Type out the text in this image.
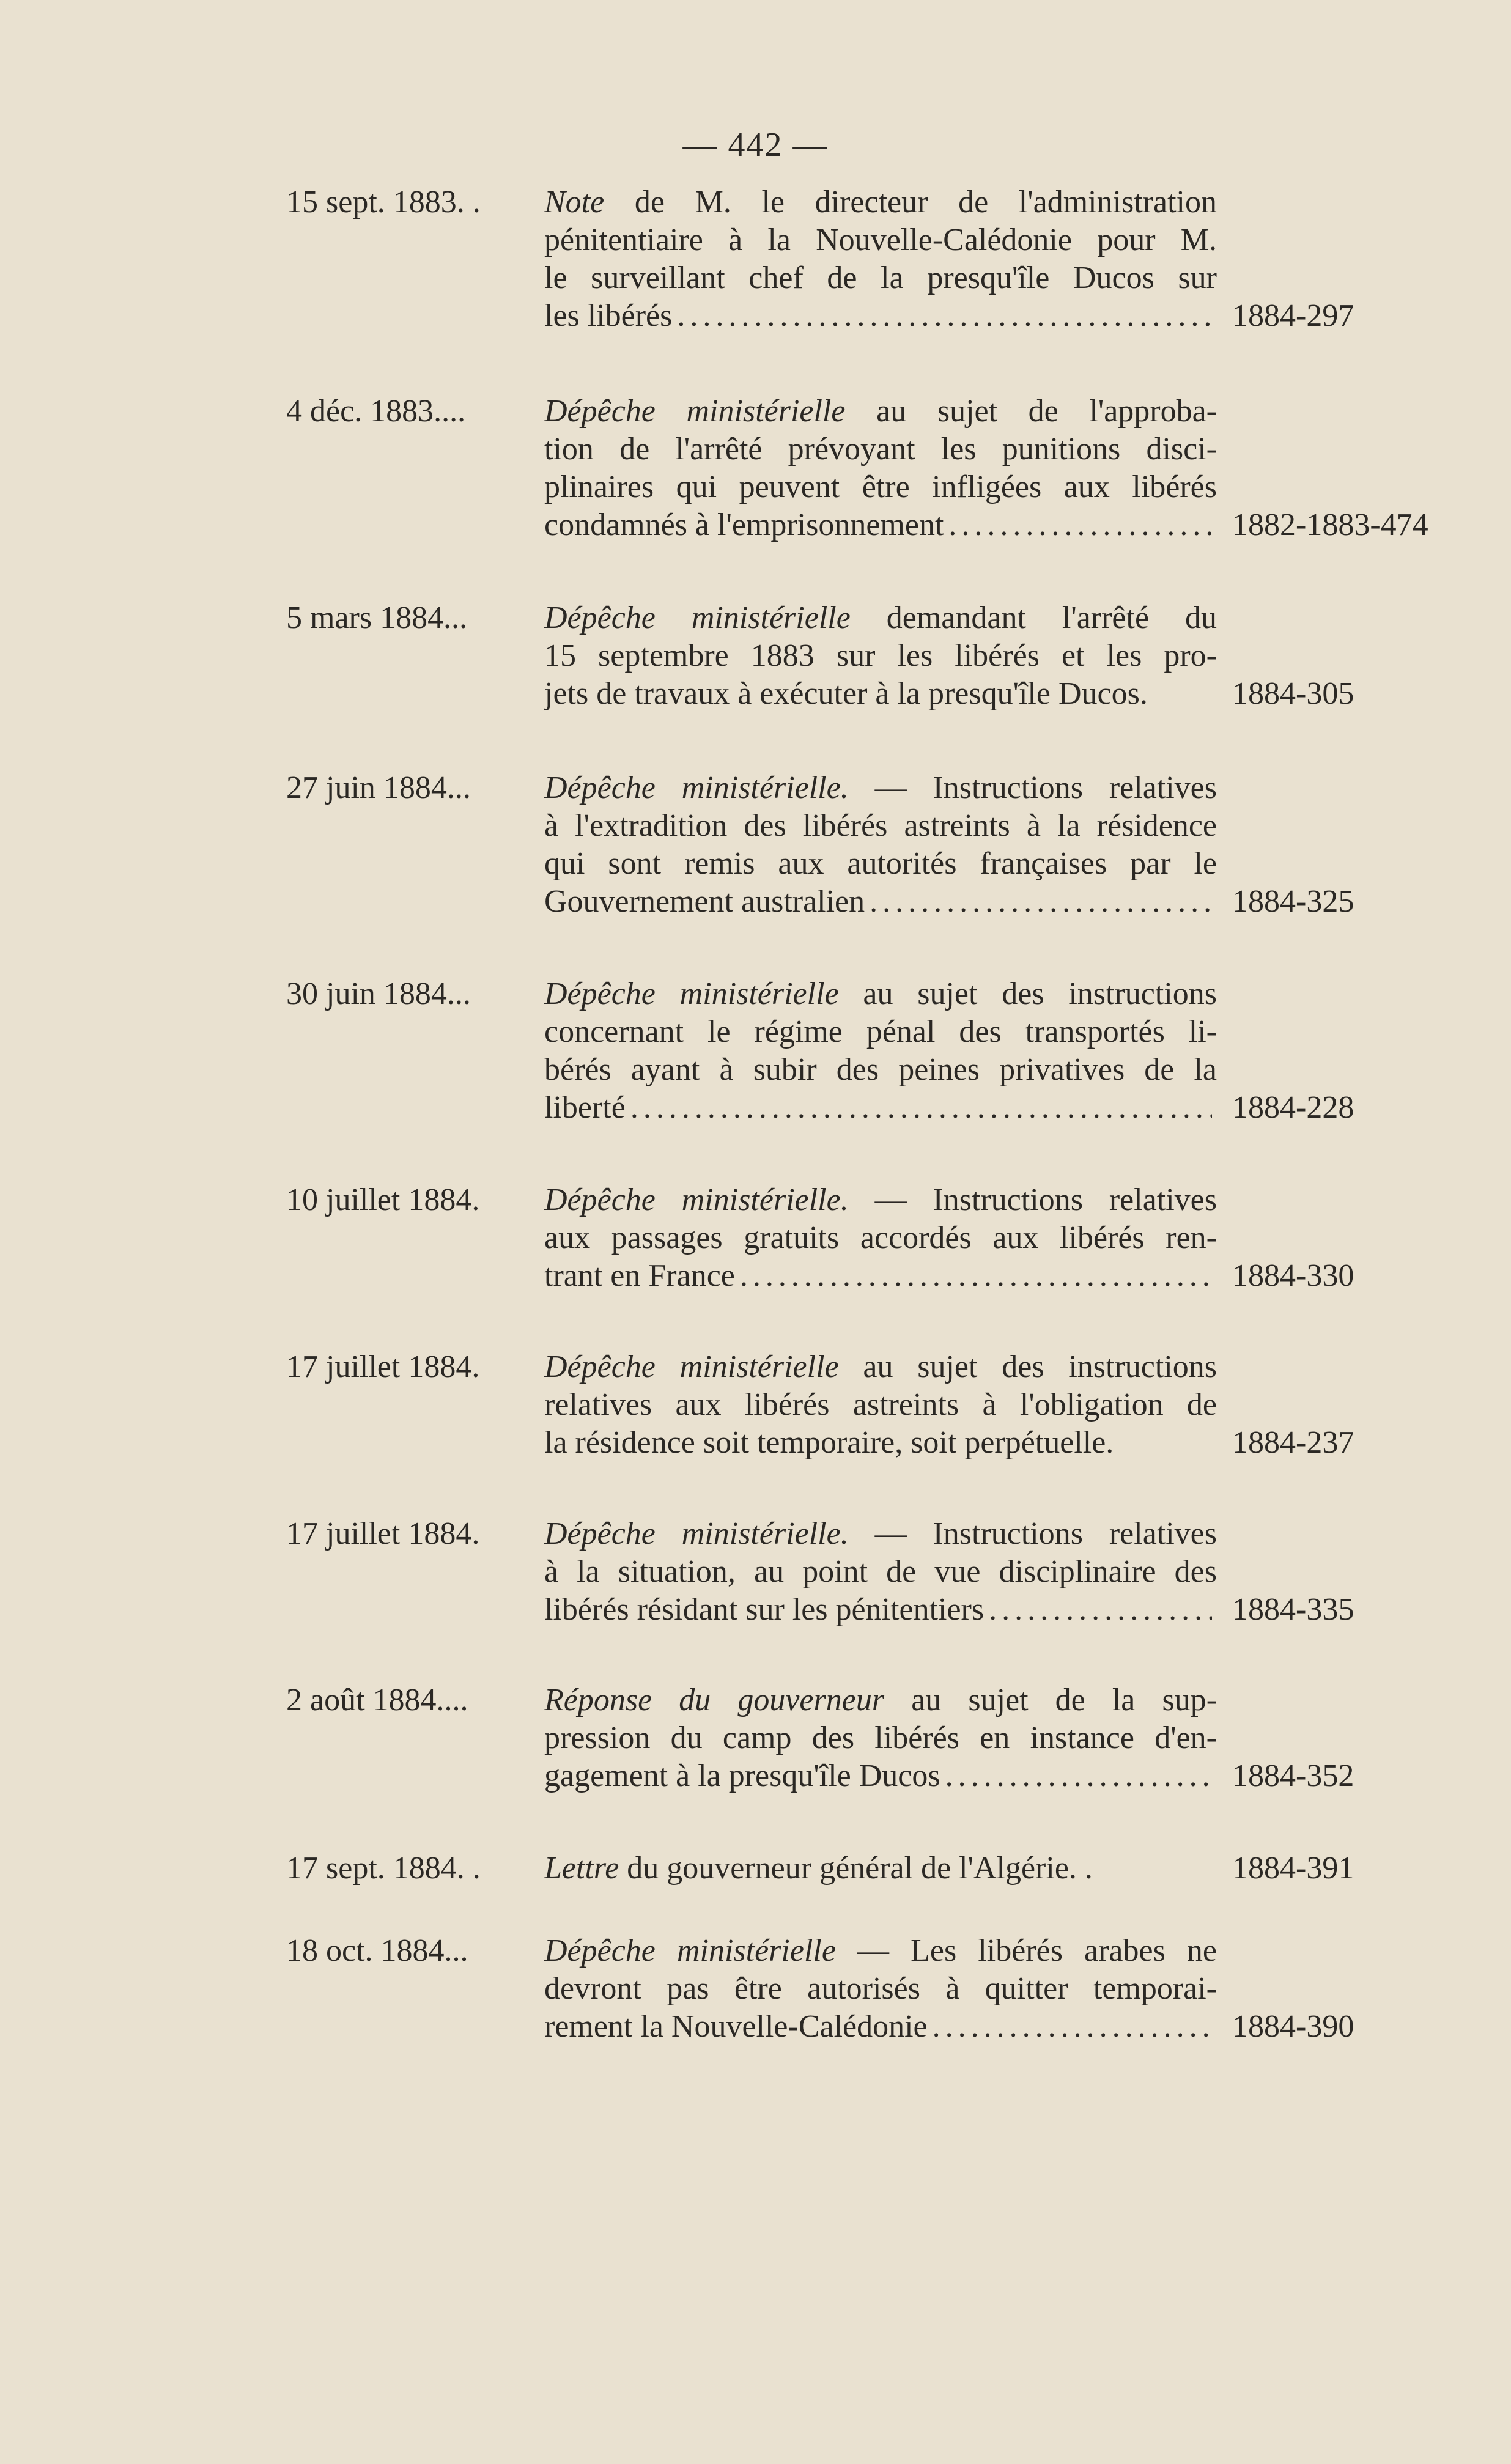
— 442 —
15 sept. 1883. . Note de M. le directeur de l'administration
pénitentiaire à la Nouvelle-Calédonie pour M.
le surveillant chef de la presqu'île Ducos sur
les libérés .....	1884-297
4 déc. 1883.... Dépêche ministérielle au sujet de l'approba-
tion de l'arrêté prévoyant les punitions disci-
plinaires qui peuvent être infligées aux libérés
condamnés à l'emprisonnement .....	1882-1883-474
5 mars 1884... Dépêche ministérielle demandant l'arrêté du
15 septembre 1883 sur les libérés et les pro-
jets de travaux à exécuter à la presqu'île Ducos.	1884-305
27 juin 1884... Dépêche ministérielle. — Instructions relatives
à l'extradition des libérés astreints à la résidence
qui sont remis aux autorités françaises par le
Gouvernement australien .....	1884-325
30 juin 1884... Dépêche ministérielle au sujet des instructions
concernant le régime pénal des transportés li-
bérés ayant à subir des peines privatives de la
liberté .....	1884-228
10 juillet 1884. Dépêche ministérielle. — Instructions relatives
aux passages gratuits accordés aux libérés ren-
trant en France .....	1884-330
17 juillet 1884. Dépêche ministérielle au sujet des instructions
relatives aux libérés astreints à l'obligation de
la résidence soit temporaire, soit perpétuelle.	1884-237
17 juillet 1884. Dépêche ministérielle. — Instructions relatives
à la situation, au point de vue disciplinaire des
libérés résidant sur les pénitentiers .....	1884-335
2 août 1884.... Réponse du gouverneur au sujet de la sup-
pression du camp des libérés en instance d'en-
gagement à la presqu'île Ducos .....	1884-352
17 sept. 1884. . Lettre du gouverneur général de l'Algérie. .	1884-391
18 oct. 1884... Dépêche ministérielle — Les libérés arabes ne
devront pas être autorisés à quitter temporai-
rement la Nouvelle-Calédonie .....	1884-390
